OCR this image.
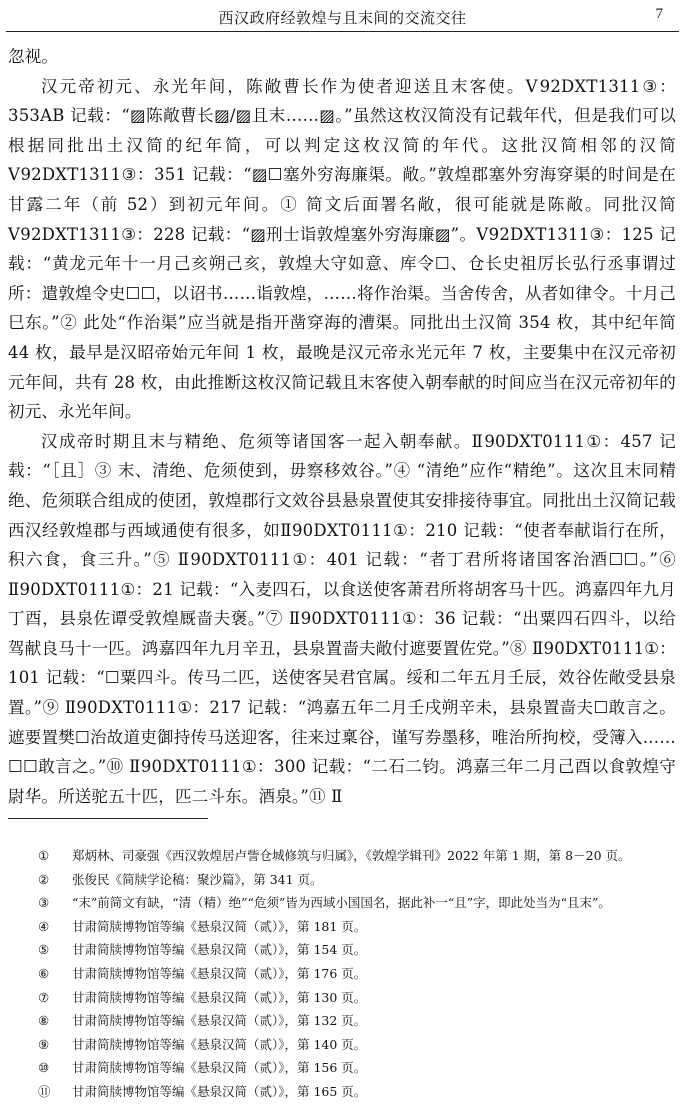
西汉政府经敦煌与且末间的交流交往	7

忽视。

汉元帝初元、永光年间，陈敞曹长作为使者迎送且末客使。Ⅴ92DXT1311③：353AB 记载：“▨陈敞曹长▨/▨且末……▨。”虽然这枚汉简没有记载年代，但是我们可以根据同批出土汉简的纪年简，可以判定这枚汉简的年代。这批汉简相邻的汉简Ⅴ92DXT1311③：351 记载：“▨☐塞外穷海廉渠。敞。”敦煌郡塞外穷海穿渠的时间是在甘露二年（前 52）到初元年间。① 简文后面署名敞，很可能就是陈敞。同批汉简Ⅴ92DXT1311③：228 记载：“▨刑士诣敦煌塞外穷海廉▨”。Ⅴ92DXT1311③：125 记载：“黄龙元年十一月己亥朔己亥，敦煌大守如意、库令☐、仓长史祖厉长弘行丞事谓过所：遣敦煌令史☐☐，以诏书……诣敦煌，……将作治渠。当舍传舍，从者如律令。十月己巳东。”② 此处“作治渠”应当就是指开凿穿海的漕渠。同批出土汉简 354 枚，其中纪年简 44 枚，最早是汉昭帝始元年间 1 枚，最晚是汉元帝永光元年 7 枚，主要集中在汉元帝初元年间，共有 28 枚，由此推断这枚汉简记载且末客使入朝奉献的时间应当在汉元帝初年的初元、永光年间。

汉成帝时期且末与精绝、危须等诸国客一起入朝奉献。Ⅱ90DXT0111①：457 记载：“［且］③ 末、清绝、危须使到，毋察移效谷。”④ “清绝”应作“精绝”。这次且末同精绝、危须联合组成的使团，敦煌郡行文效谷县悬泉置使其安排接待事宜。同批出土汉简记载西汉经敦煌郡与西域通使有很多，如Ⅱ90DXT0111①：210 记载：“使者奉献诣行在所，积六食，食三升。”⑤ Ⅱ90DXT0111①：401 记载：“者丁君所将诸国客治酒☐☐。”⑥ Ⅱ90DXT0111①：21 记载：“入麦四石，以食送使客萧君所将胡客马十匹。鸿嘉四年九月丁酉，县泉佐谭受敦煌厩啬夫褒。”⑦ Ⅱ90DXT0111①：36 记载：“出粟四石四斗，以给驾献良马十一匹。鸿嘉四年九月辛丑，县泉置啬夫敞付遮要置佐党。”⑧ Ⅱ90DXT0111①：101 记载：“☐粟四斗。传马二匹，送使客吴君官属。绥和二年五月壬辰，效谷佐敞受县泉置。”⑨ Ⅱ90DXT0111①：217 记载：“鸿嘉五年二月壬戌朔辛未，县泉置啬夫☐敢言之。遮要置樊☐治故道吏御持传马送迎客，往来过稟谷，谨写券墨移，唯治所拘校，受簿入……☐☐敢言之。”⑩ Ⅱ90DXT0111①：300 记载：“二石二钧。鸿嘉三年二月己酉以食敦煌守尉华。所送驼五十匹，匹二斗东。酒泉。”⑪ Ⅱ

①	郑炳林、司豪强《西汉敦煌居卢訾仓城修筑与归属》，《敦煌学辑刊》2022 年第 1 期，第 8－20 页。
②	张俊民《简牍学论稿：聚沙篇》，第 341 页。
③	“末”前简文有缺，“清（精）绝”“危须”皆为西域小国国名，据此补一“且”字，即此处当为“且末”。
④	甘肃简牍博物馆等编《悬泉汉简（贰）》，第 181 页。
⑤	甘肃简牍博物馆等编《悬泉汉简（贰）》，第 154 页。
⑥	甘肃简牍博物馆等编《悬泉汉简（贰）》，第 176 页。
⑦	甘肃简牍博物馆等编《悬泉汉简（贰）》，第 130 页。
⑧	甘肃简牍博物馆等编《悬泉汉简（贰）》，第 132 页。
⑨	甘肃简牍博物馆等编《悬泉汉简（贰）》，第 140 页。
⑩	甘肃简牍博物馆等编《悬泉汉简（贰）》，第 156 页。
⑪	甘肃简牍博物馆等编《悬泉汉简（贰）》，第 165 页。
